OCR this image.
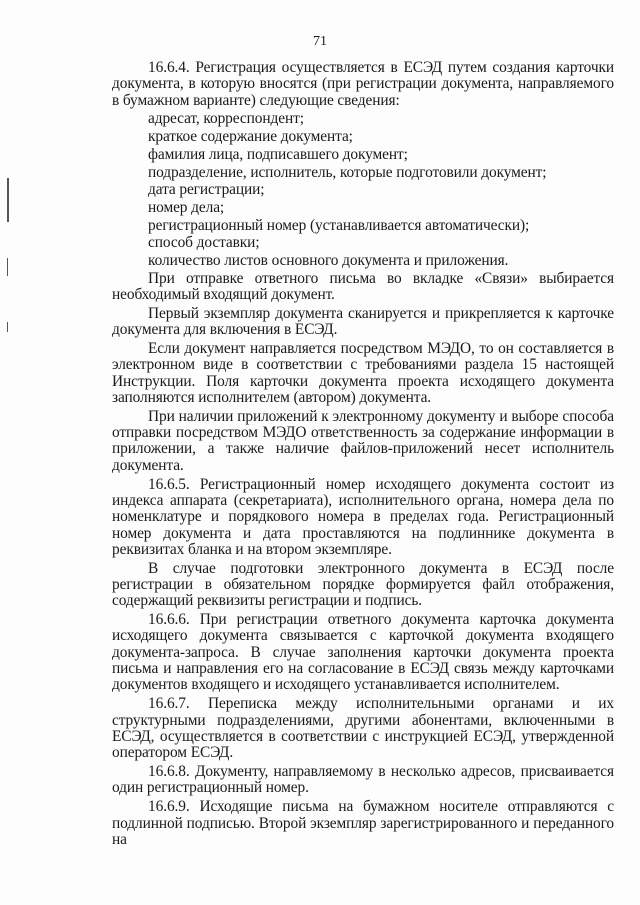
71

16.6.4. Регистрация осуществляется в ЕСЭД путем создания карточки документа, в которую вносятся (при регистрации документа, направляемого в бумажном варианте) следующие сведения:

адресат, корреспондент;
краткое содержание документа;
фамилия лица, подписавшего документ;
подразделение, исполнитель, которые подготовили документ;
дата регистрации;
номер дела;
регистрационный номер (устанавливается автоматически);
способ доставки;
количество листов основного документа и приложения.

При отправке ответного письма во вкладке «Связи» выбирается необходимый входящий документ.

Первый экземпляр документа сканируется и прикрепляется к карточке документа для включения в ЕСЭД.

Если документ направляется посредством МЭДО, то он составляется в электронном виде в соответствии с требованиями раздела 15 настоящей Инструкции. Поля карточки документа проекта исходящего документа заполняются исполнителем (автором) документа.

При наличии приложений к электронному документу и выборе способа отправки посредством МЭДО ответственность за содержание информации в приложении, а также наличие файлов-приложений несет исполнитель документа.

16.6.5. Регистрационный номер исходящего документа состоит из индекса аппарата (секретариата), исполнительного органа, номера дела по номенклатуре и порядкового номера в пределах года. Регистрационный номер документа и дата проставляются на подлиннике документа в реквизитах бланка и на втором экземпляре.

В случае подготовки электронного документа в ЕСЭД после регистрации в обязательном порядке формируется файл отображения, содержащий реквизиты регистрации и подпись.

16.6.6. При регистрации ответного документа карточка документа исходящего документа связывается с карточкой документа входящего документа-запроса. В случае заполнения карточки документа проекта письма и направления его на согласование в ЕСЭД связь между карточками документов входящего и исходящего устанавливается исполнителем.

16.6.7. Переписка между исполнительными органами и их структурными подразделениями, другими абонентами, включенными в ЕСЭД, осуществляется в соответствии с инструкцией ЕСЭД, утвержденной оператором ЕСЭД.

16.6.8. Документу, направляемому в несколько адресов, присваивается один регистрационный номер.

16.6.9. Исходящие письма на бумажном носителе отправляются с подлинной подписью. Второй экземпляр зарегистрированного и переданного на
